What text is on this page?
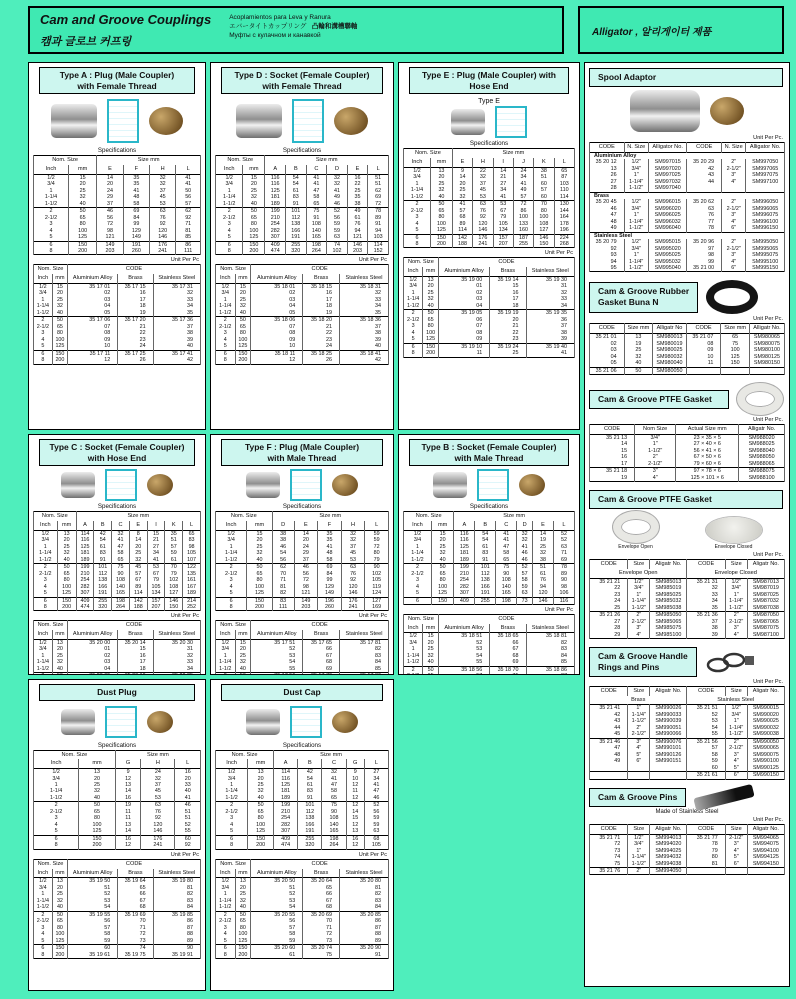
Cam and Groove Couplings
캠과 글로브 커프링
Acoplamientos para Leva y Ranura
エバータイトカップリング 凸輪和溝槽聯軸
Муфты с кулачном и канавкой	Alligator , 알리게이터 제품
Type A : Plug (Male Coupler)
with Female Thread
Specifications
Nom. Size		Size mm			
Inch	mm	E	F	H	L
1/2	15	14	35	32	41
3/4	20	20	35	32	41
1	25	24	41	37	50
1-1/4	32	29	48	45	56
1-1/2	40	37	58	53	57
2	50	46	69	63	62
2-1/2	65	56	84	76	92
3	80	72	99	92	71
4	100	98	129	120	81
5	125	121	149	146	85
6	150	149	191	176	86
8	200	203	260	241	111
Unit Per Pc
Nom. Size		CODE		
Inch	mm	Aluminium Alloy	Brass	Stainless Steel
1/2	15	35 17 01	35 17 15	35 17 31
3/4	20	02	16	32
1	25	03	17	33
1-1/4	32	04	18	34
1-1/2	40	05	19	35
2	50	35 17 06	35 17 20	35 17 36
2-1/2	65	07	21	37
3	80	08	22	38
4	100	09	23	39
5	125	10	24	40
6	150	35 17 11	35 17 25	35 17 41
8	200	12	26	42
Type C : Socket (Female Coupler)
with Hose End
Specifications
Nom. Size		Size mm						
Inch	mm	A	B	C	E	I	K	L
1/2	13	114	42	32	8	15	35	65
3/4	20	116	54	41	14	21	51	83
1	25	125	61	47	20	27	57	98
1-1/4	32	181	83	58	25	34	59	105
1-1/2	40	189	91	65	32	41	61	107
2	50	199	101	75	45	53	70	122
2-1/2	65	210	112	90	57	67	79	135
3	80	254	138	108	67	79	102	161
4	100	282	166	140	89	105	108	167
5	125	307	191	165	114	134	127	189
6	150	409	255	198	142	157	146	214
8	200	474	320	264	188	207	150	252
Unit Per Pc
Nom. Size		CODE		
Inch	mm	Aluminium Alloy	Brass	Stainless Steel
1/2	13	35 20 00	35 20 14	35 20 30
3/4	20	01	15	31
1	25	02	16	32
1-1/4	32	03	17	33
1-1/2	40	04	18	34

Dust Plug
Specifications
Nom. Size		Size mm		
Inch	mm	G	H	L
1/2	13	9	24	16
3/4	20	12	32	20
1	25	13	37	33
1-1/4	32	14	45	40
1-1/2	40	16	53	41
2	50	19	63	46
2-1/2	65	11	76	51
3	80	11	92	51
4	100	13	120	52
5	125	14	146	55
6	150	16	176	60
8	200	12	241	92
Unit Per Pc
Nom. Size		CODE		
Inch	mm	Aluminium Alloy	Brass	Stainless Steel
1/2	13	35 19 50	35 19 64	35 19 80
3/4	20	51	65	81
1	25	52	66	82
1-1/4	32	53	67	83
1-1/2	40	54	68	84
2	50	35 19 55	35 19 69	35 19 85
2-1/2	65	56	70	86
3	80	57	71	87
4	100	58	72	88
5	125	59	73	89
6	150	60	74	90
8	200	35 19 61	35 19 75	35 19 91
Type D : Socket (Female Coupler)
with Female Thread
Specifications
Nom. Size		Size mm					
Inch	mm	A	B	C	D	E	L
1/2	15	116	54	41	32	16	51
3/4	20	116	54	41	32	22	51
1	25	125	61	47	41	25	62
1-1/4	32	181	83	58	49	35	69
1-1/2	40	189	91	65	46	38	72
2	50	199	101	75	52	49	78
2-1/2	65	210	112	91	56	61	89
3	80	254	138	108	59	76	91
4	100	282	166	140	59	94	94
5	125	307	191	165	63	121	103
6	150	409	255	198	74	146	114
8	200	474	320	264	102	203	152
Unit Per Pc
Nom. Size		CODE		
Inch	mm	Aluminium Alloy	Brass	Stainless Steel
1/2	15	35 18 01	35 18 15	35 18 31
3/4	20	02	16	32
1	25	03	17	33
1-1/4	32	04	18	34
1-1/2	40	05	19	35
2	50	35 18 06	35 18 20	35 18 36
2-1/2	65	07	21	37
3	80	08	22	38
4	100	09	23	39
5	125	10	24	40
6	150	35 18 11	35 18 25	35 18 41
8	200	12	26	42
Type F : Plug (Male Coupler)
with Male Thread
Specifications
Nom. Size		Size mm				
Inch	mm	D	E	F	H	L
1/2	15	38	14	35	32	59
3/4	20	38	20	35	32	59
1	25	46	24	41	37	72
1-1/4	32	54	29	48	45	80
1-1/2	40	56	37	58	53	79
2	50	62	46	69	63	90
2-1/2	65	70	56	84	76	102
3	80	71	72	99	92	105
4	100	81	98	129	120	119
5	125	82	121	149	146	124
6	150	83	149	196	176	127
8	200	111	203	260	241	169
Unit Per Pc
Nom. Size		CODE		
Inch	mm	Aluminium Alloy	Brass	Stainless Steel
1/2	15	35 17 51	35 17 65	35 17 81
3/4	20	52	66	82
1	25	53	67	83
1-1/4	32	54	68	84
1-1/2	40	55	69	85

Dust Cap
Specifications
Nom. Size		Size mm				
Inch	mm	A	B	C	G	L
1/2	13	114	42	32	9	27
3/4	20	116	54	41	10	34
1	25	125	61	47	12	41
1-1/4	32	181	83	58	11	47
1-1/2	40	189	91	65	12	46
2	50	199	101	75	12	52
2-1/2	65	210	112	90	14	56
3	80	254	138	108	15	59
4	100	282	166	140	12	59
5	125	307	191	165	13	63
6	150	409	255	198	16	68
8	200	474	320	264	12	105
Unit Per Pc
Nom. Size		CODE		
Inch	mm	Aluminium Alloy	Brass	Stainless Steel
1/2	13	35 20 50	35 20 64	35 20 80
3/4	20	51	65	81
1	25	52	66	82
1-1/4	32	53	67	83
1-1/2	40	54	68	84
2	50	35 20 55	35 20 69	35 20 85
2-1/2	65	56	70	86
3	80	57	71	87
4	100	58	72	88
5	125	59	73	89
6	150	35 20 60	35 20 74	35 20 90
8	200	61	75	91
Type E : Plug (Male Coupler) with Hose End
Type E
Specifications
Nom. Size		Size mm					
Inch	mm	E	H	I	J	K	L
1/2	13	9	22	14	24	38	65
3/4	20	14	32	21	34	51	87
1	25	20	37	27	41	60	103
1-1/4	32	25	45	34	49	57	110
1-1/2	40	32	53	41	57	60	114
2	50	41	63	53	72	70	130
2-1/2	65	57	76	67	86	80	144
3	80	68	92	79	100	100	164
4	100	89	120	105	133	108	178
5	125	114	146	134	160	127	196
6	150	142	176	157	187	146	224
8	200	188	241	207	255	150	268
Unit Per Pc
Nom. Size		CODE		
Inch	mm	Aluminium Alloy	Brass	Stainless Steel
1/2	13	35 19 00	35 19 14	35 19 30
3/4	20	01	15	31
1	25	02	16	32
1-1/4	32	03	17	33
1-1/2	40	04	18	34
2	50	35 19 05	35 19 19	35 19 35
2-1/2	65	06	20	36
3	80	07	21	37
4	100	08	22	38
5	125	09	23	39
6	150	35 19 10	35 19 24	35 19 40
8	200	11	25	41
Type B : Socket (Female Coupler)
with Male Thread
Specifications
Nom. Size		Size mm					
Inch	mm	A	B	C	D	E	L
1/2	15	116	54	41	32	14	52
3/4	20	116	54	41	32	19	52
1	25	125	61	47	41	25	63
1-1/4	32	181	83	58	46	32	71
1-1/2	40	189	91	65	46	38	69
2	50	199	101	75	52	51	78
2-1/2	65	210	112	90	57	61	89
3	80	254	138	108	58	76	90
4	100	282	166	140	59	94	98
5	125	307	191	165	63	120	106
6	150	409	255	198	73	146	116
Unit Per Pc
Nom. Size		CODE		
Inch	mm	Aluminium Alloy	Brass	Stainless Steel
1/2	15	35 18 51	35 18 65	35 18 81
3/4	20	52	66	82
1	25	53	67	83
1-1/4	32	54	68	84
1-1/2	40	55	69	85
2	50	35 18 56	35 18 70	35 18 86

Spool Adaptor
Unit Per Pc.
CODE	N. Size	Alligator No.	CODE	N. Size	Alligator No.
Aluminium Alloy					
35 20 12	1/2"	SM997015	35 20 29	2"	SM997050
13	3/4"	SM997020	42	2-1/2"	SM997065
26	1"	SM997025	43	3"	SM997075
27	1-1/4"	SM997032	44	4"	SM997100
28	1-1/2"	SM997040			
Brass					
35 20 45	1/2"	SM996015	35 20 62	2"	SM996050
46	3/4"	SM996020	63	2-1/2"	SM996065
47	1"	SM996025	76	3"	SM996075
48	1-1/4"	SM996032	77	4"	SM996100
49	1-1/2"	SM996040	78	6"	SM996150
Stainless Steel					
35 20 79	1/2"	SM995015	35 20 96	2"	SM995050
92	3/4"	SM995020	97	2-1/2"	SM995065
93	1"	SM995025	98	3"	SM995075
94	1-1/4"	SM995032	99	4"	SM995100
95	1-1/2"	SM995040	35 21 00	6"	SM995150
Cam & Groove Rubber
Gasket Buna N
Unit Per Pc.
CODE	Size mm	Alligatr No	CODE	Size mm	Alligatr No.
35 21 01	13	SM980013	35 21 07	65	SM980065
02	19	SM980019	08	75	SM980075
03	25	SM980025	09	100	SM980100
04	32	SM980032	10	125	SM980125
05	40	SM980040	11	150	SM980150
35 21 06	50	SM980050			
Cam & Groove PTFE Gasket
Unit Per Pc.
CODE	Nom Size	Actual Size mm	Alligatr No.
35 21 13	3/4"	23 × 35 × 5	SM988020
14	1"	27 × 40 × 6	SM988025
15	1-1/2"	56 × 41 × 6	SM988040
16	2"	67 × 50 × 6	SM988050
17	2-1/2"	79 × 60 × 6	SM988065
35 21 18	3"	97 × 78 × 6	SM988075
19	4"	125 × 101 × 6	SM988100
Cam & Groove PTFE Gasket
Envelope Open	Envelope Closed
Unit Per Pc.
CODE	Size	Aligatr No.	CODE	Size	Aligatr No.
Envelope Open			Envelope Closed		
35 21 21	1/2"	SM985013	35 21 31	1/2"	SM987013
22	3/4"	SM985019	32	3/4"	SM987019
23	1"	SM985025	33	1"	SM987025
24	1-1/4"	SM985032	34	1-1/4"	SM987032
25	1-1/2"	SM985038	35	1-1/2"	SM987038
35 21 26	2"	SM985050	35 21 36	2"	SM987050
27	2-1/2"	SM985065	37	2-1/2"	SM987065
28	3"	SM985075	38	3"	SM987075
29	4"	SM985100	39	4"	SM987100
Cam & Groove Handle
Rings and Pins
Unit Per Pc.
CODE	Size	Aligatr No.	CODE	Size	Aligatr No.
Brass			Stainless Steel		
35 21 41	1"	SM990026	35 21 51	1/2"	SM990015
42	1-1/4"	SM990033	52	3/4"	SM990020
43	1-1/2"	SM990039	53	1"	SM990025
44	2"	SM990051	54	1-1/4"	SM990032
45	2-1/2"	SM990066	55	1-1/2"	SM990038
35 21 46	3"	SM990076	35 21 56	2"	SM990050
47	4"	SM990101	57	2-1/2"	SM990065
48	5"	SM990126	58	3"	SM990075
49	6"	SM990151	59	4"	SM990100
			60	5"	SM990125
			35 21 61	6"	SM990150
Cam & Groove Pins
Made of Stainless Steel
Unit Per Pc.
CODE	Size	Aligatr No.	CODE	Size	Aligatr No.
35 21 71	1/2"	SM994013	35 21 77	2-1/2"	SM994065
72	3/4"	SM994020	78	3"	SM994075
73	1"	SM994025	79	4"	SM994100
74	1-1/4"	SM994032	80	5"	SM994125
75	1-1/2"	SM994038	81	6"	SM994150
35 21 76	2"	SM994050			
